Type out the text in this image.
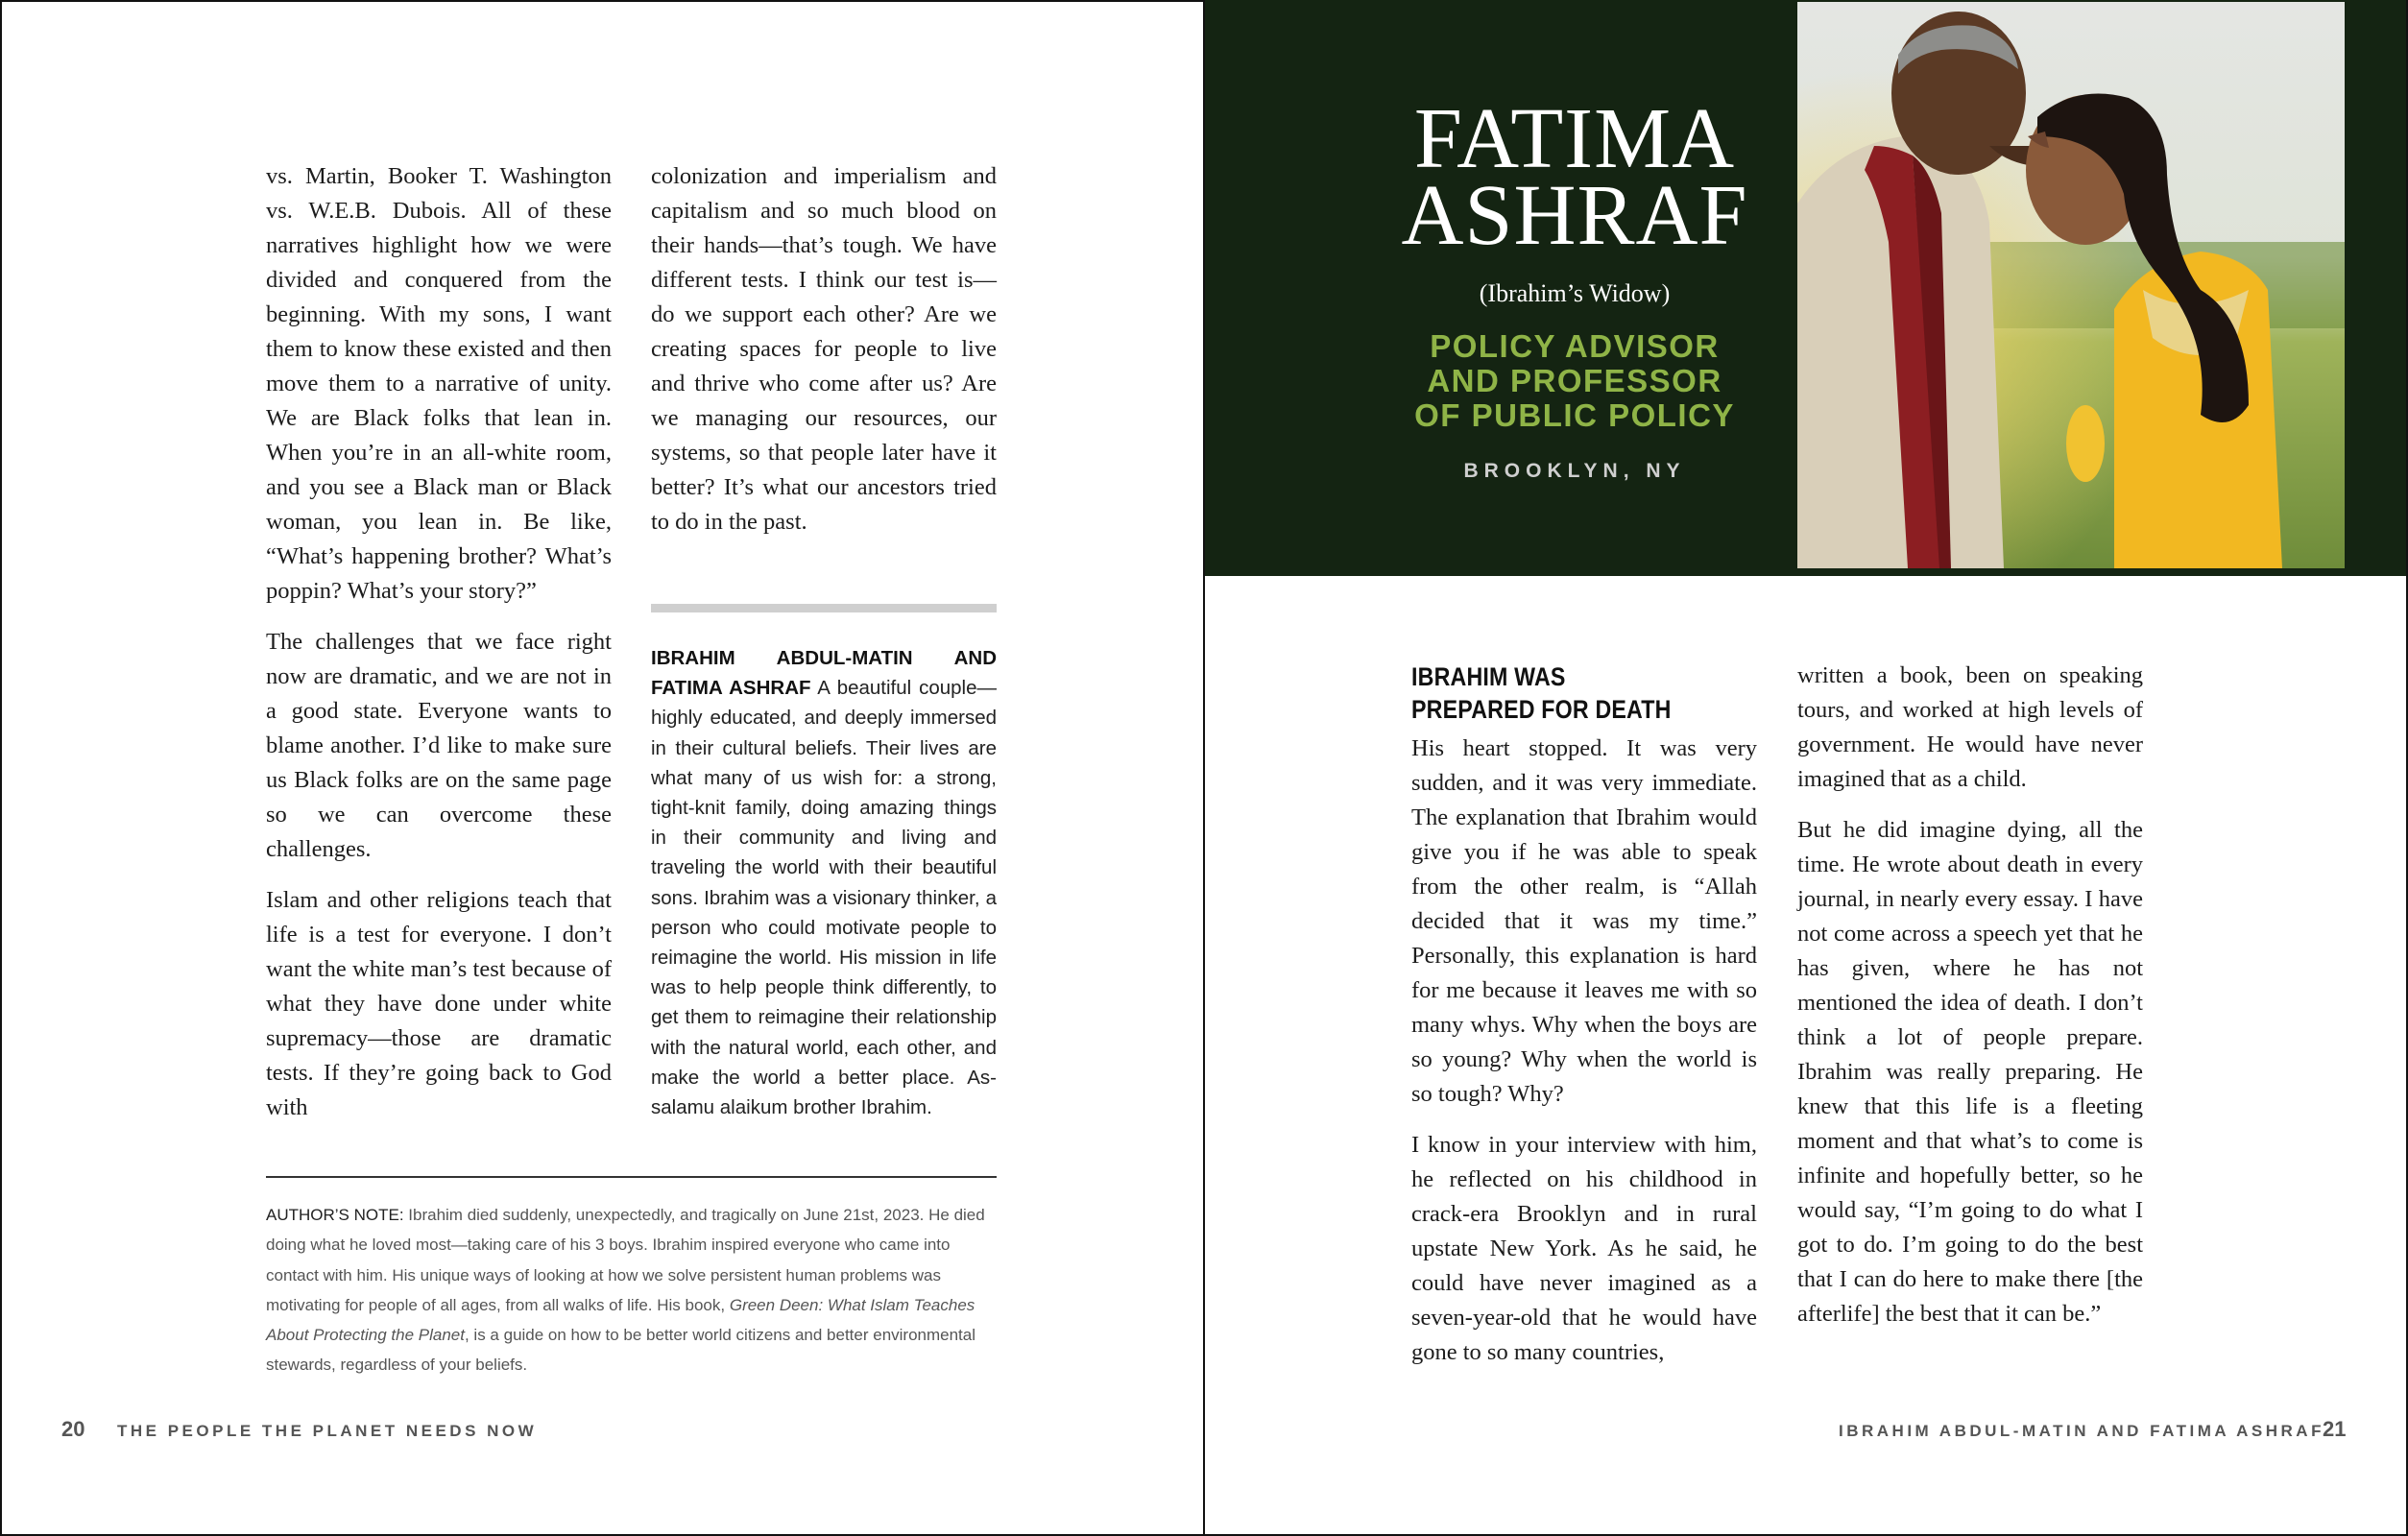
vs. Martin, Booker T. Washington vs. W.E.B. Dubois. All of these narratives highlight how we were divided and conquered from the beginning. With my sons, I want them to know these existed and then move them to a narrative of unity. We are Black folks that lean in. When you’re in an all-white room, and you see a Black man or Black woman, you lean in. Be like, “What’s happening brother? What’s poppin? What’s your story?”

The challenges that we face right now are dramatic, and we are not in a good state. Everyone wants to blame another. I’d like to make sure us Black folks are on the same page so we can overcome these challenges.

Islam and other religions teach that life is a test for everyone. I don’t want the white man’s test because of what they have done under white supremacy—those are dramatic tests. If they’re going back to God with

colonization and imperialism and capitalism and so much blood on their hands—that’s tough. We have different tests. I think our test is—do we support each other? Are we creating spaces for people to live and thrive who come after us? Are we managing our resources, our systems, so that people later have it better? It’s what our ancestors tried to do in the past.

IBRAHIM ABDUL-MATIN AND FATIMA ASHRAF A beautiful couple—highly educated, and deeply immersed in their cultural beliefs. Their lives are what many of us wish for: a strong, tight-knit family, doing amazing things in their community and living and traveling the world with their beautiful sons. Ibrahim was a visionary thinker, a person who could motivate people to reimagine the world. His mission in life was to help people think differently, to get them to reimagine their relationship with the natural world, each other, and make the world a better place. As-salamu alaikum brother Ibrahim.
AUTHOR’S NOTE: Ibrahim died suddenly, unexpectedly, and tragically on June 21st, 2023. He died doing what he loved most—taking care of his 3 boys. Ibrahim inspired everyone who came into contact with him. His unique ways of looking at how we solve persistent human problems was motivating for people of all ages, from all walks of life. His book, Green Deen: What Islam Teaches About Protecting the Planet, is a guide on how to be better world citizens and better environmental stewards, regardless of your beliefs.
20 THE PEOPLE THE PLANET NEEDS NOW
FATIMA
ASHRAF
(Ibrahim’s Widow)
POLICY ADVISOR
AND PROFESSOR
OF PUBLIC POLICY
BROOKLYN, NY
IBRAHIM WAS
PREPARED FOR DEATH

His heart stopped. It was very sudden, and it was very immediate. The explanation that Ibrahim would give you if he was able to speak from the other realm, is “Allah decided that it was my time.” Personally, this explanation is hard for me because it leaves me with so many whys. Why when the boys are so young? Why when the world is so tough? Why?

I know in your interview with him, he reflected on his childhood in crack-era Brooklyn and in rural upstate New York. As he said, he could have never imagined as a seven-year-old that he would have gone to so many countries,

written a book, been on speaking tours, and worked at high levels of government. He would have never imagined that as a child.

But he did imagine dying, all the time. He wrote about death in every journal, in nearly every essay. I have not come across a speech yet that he has given, where he has not mentioned the idea of death. I don’t think a lot of people prepare. Ibrahim was really preparing. He knew that this life is a fleeting moment and that what’s to come is infinite and hopefully better, so he would say, “I’m going to do what I got to do. I’m going to do the best that I can do here to make there [the afterlife] the best that it can be.”

IBRAHIM ABDUL-MATIN AND FATIMA ASHRAF
21
